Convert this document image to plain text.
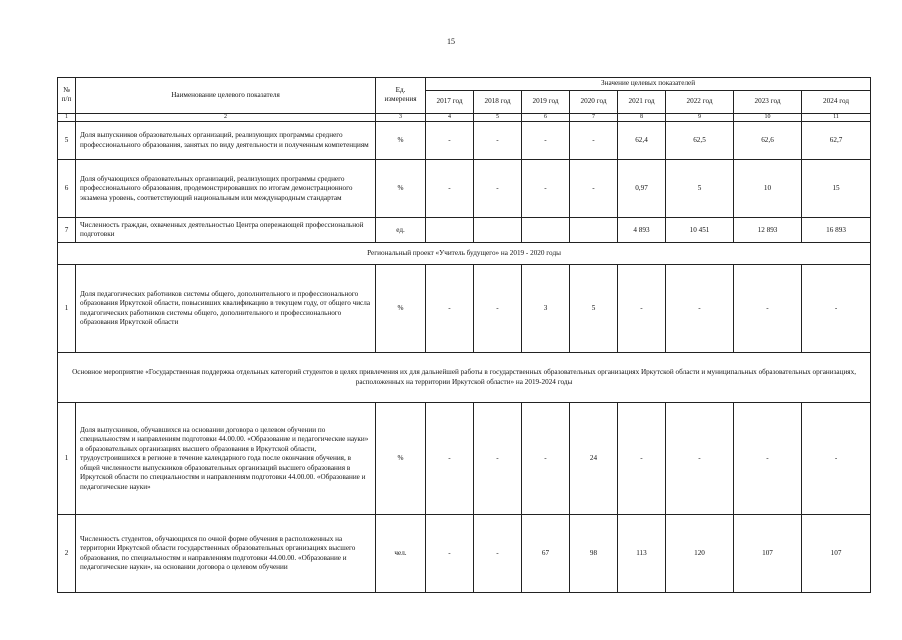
15
№ п/п	Наименование целевого показателя	Ед. измерения	Значение целевых показателей							
			2017 год	2018 год	2019 год	2020 год	2021 год	2022 год	2023 год	2024 год
1	2	3	4	5	6	7	8	9	10	11
5	Доля выпускников образовательных организаций, реализующих программы среднего профессионального образования, занятых по виду деятельности и полученным компетенциям	%	-	-	-	-	62,4	62,5	62,6	62,7
6	Доля обучающихся образовательных организаций, реализующих программы среднего профессионального образования, продемонстрировавших по итогам демонстрационного экзамена уровень, соответствующий национальным или международным стандартам	%	-	-	-	-	0,97	5	10	15
7	Численность граждан, охваченных деятельностью Центра опережающей профессиональной подготовки	ед.					4 893	10 451	12 893	16 893
Региональный проект «Учитель будущего» на 2019 - 2020 годы										
1	Доля педагогических работников системы общего, дополнительного и профессионального образования Иркутской области, повысивших квалификацию в текущем году, от общего числа педагогических работников системы общего, дополнительного и профессионального образования Иркутской области	%	-	-	3	5	-	-	-	-
Основное мероприятие «Государственная поддержка отдельных категорий студентов в целях привлечения их для дальнейшей работы в государственных образовательных организациях Иркутской области и муниципальных образовательных организациях, расположенных на территории Иркутской области» на 2019-2024 годы										
1	Доля выпускников, обучавшихся на основании договора о целевом обучении по специальностям и направлениям подготовки 44.00.00. «Образование и педагогические науки» в образовательных организациях высшего образования в Иркутской области, трудоустроившихся в регионе в течение календарного года после окончания обучения, в общей численности выпускников образовательных организаций высшего образования в Иркутской области по специальностям и направлениям подготовки 44.00.00. «Образование и педагогические науки»	%	-	-	-	24	-	-	-	-
2	Численность студентов, обучающихся по очной форме обучения в расположенных на территории Иркутской области государственных образовательных организациях высшего образования, по специальностям и направлениям подготовки 44.00.00. «Образование и педагогические науки», на основании договора о целевом обучении	чел.	-	-	67	98	113	120	107	107
